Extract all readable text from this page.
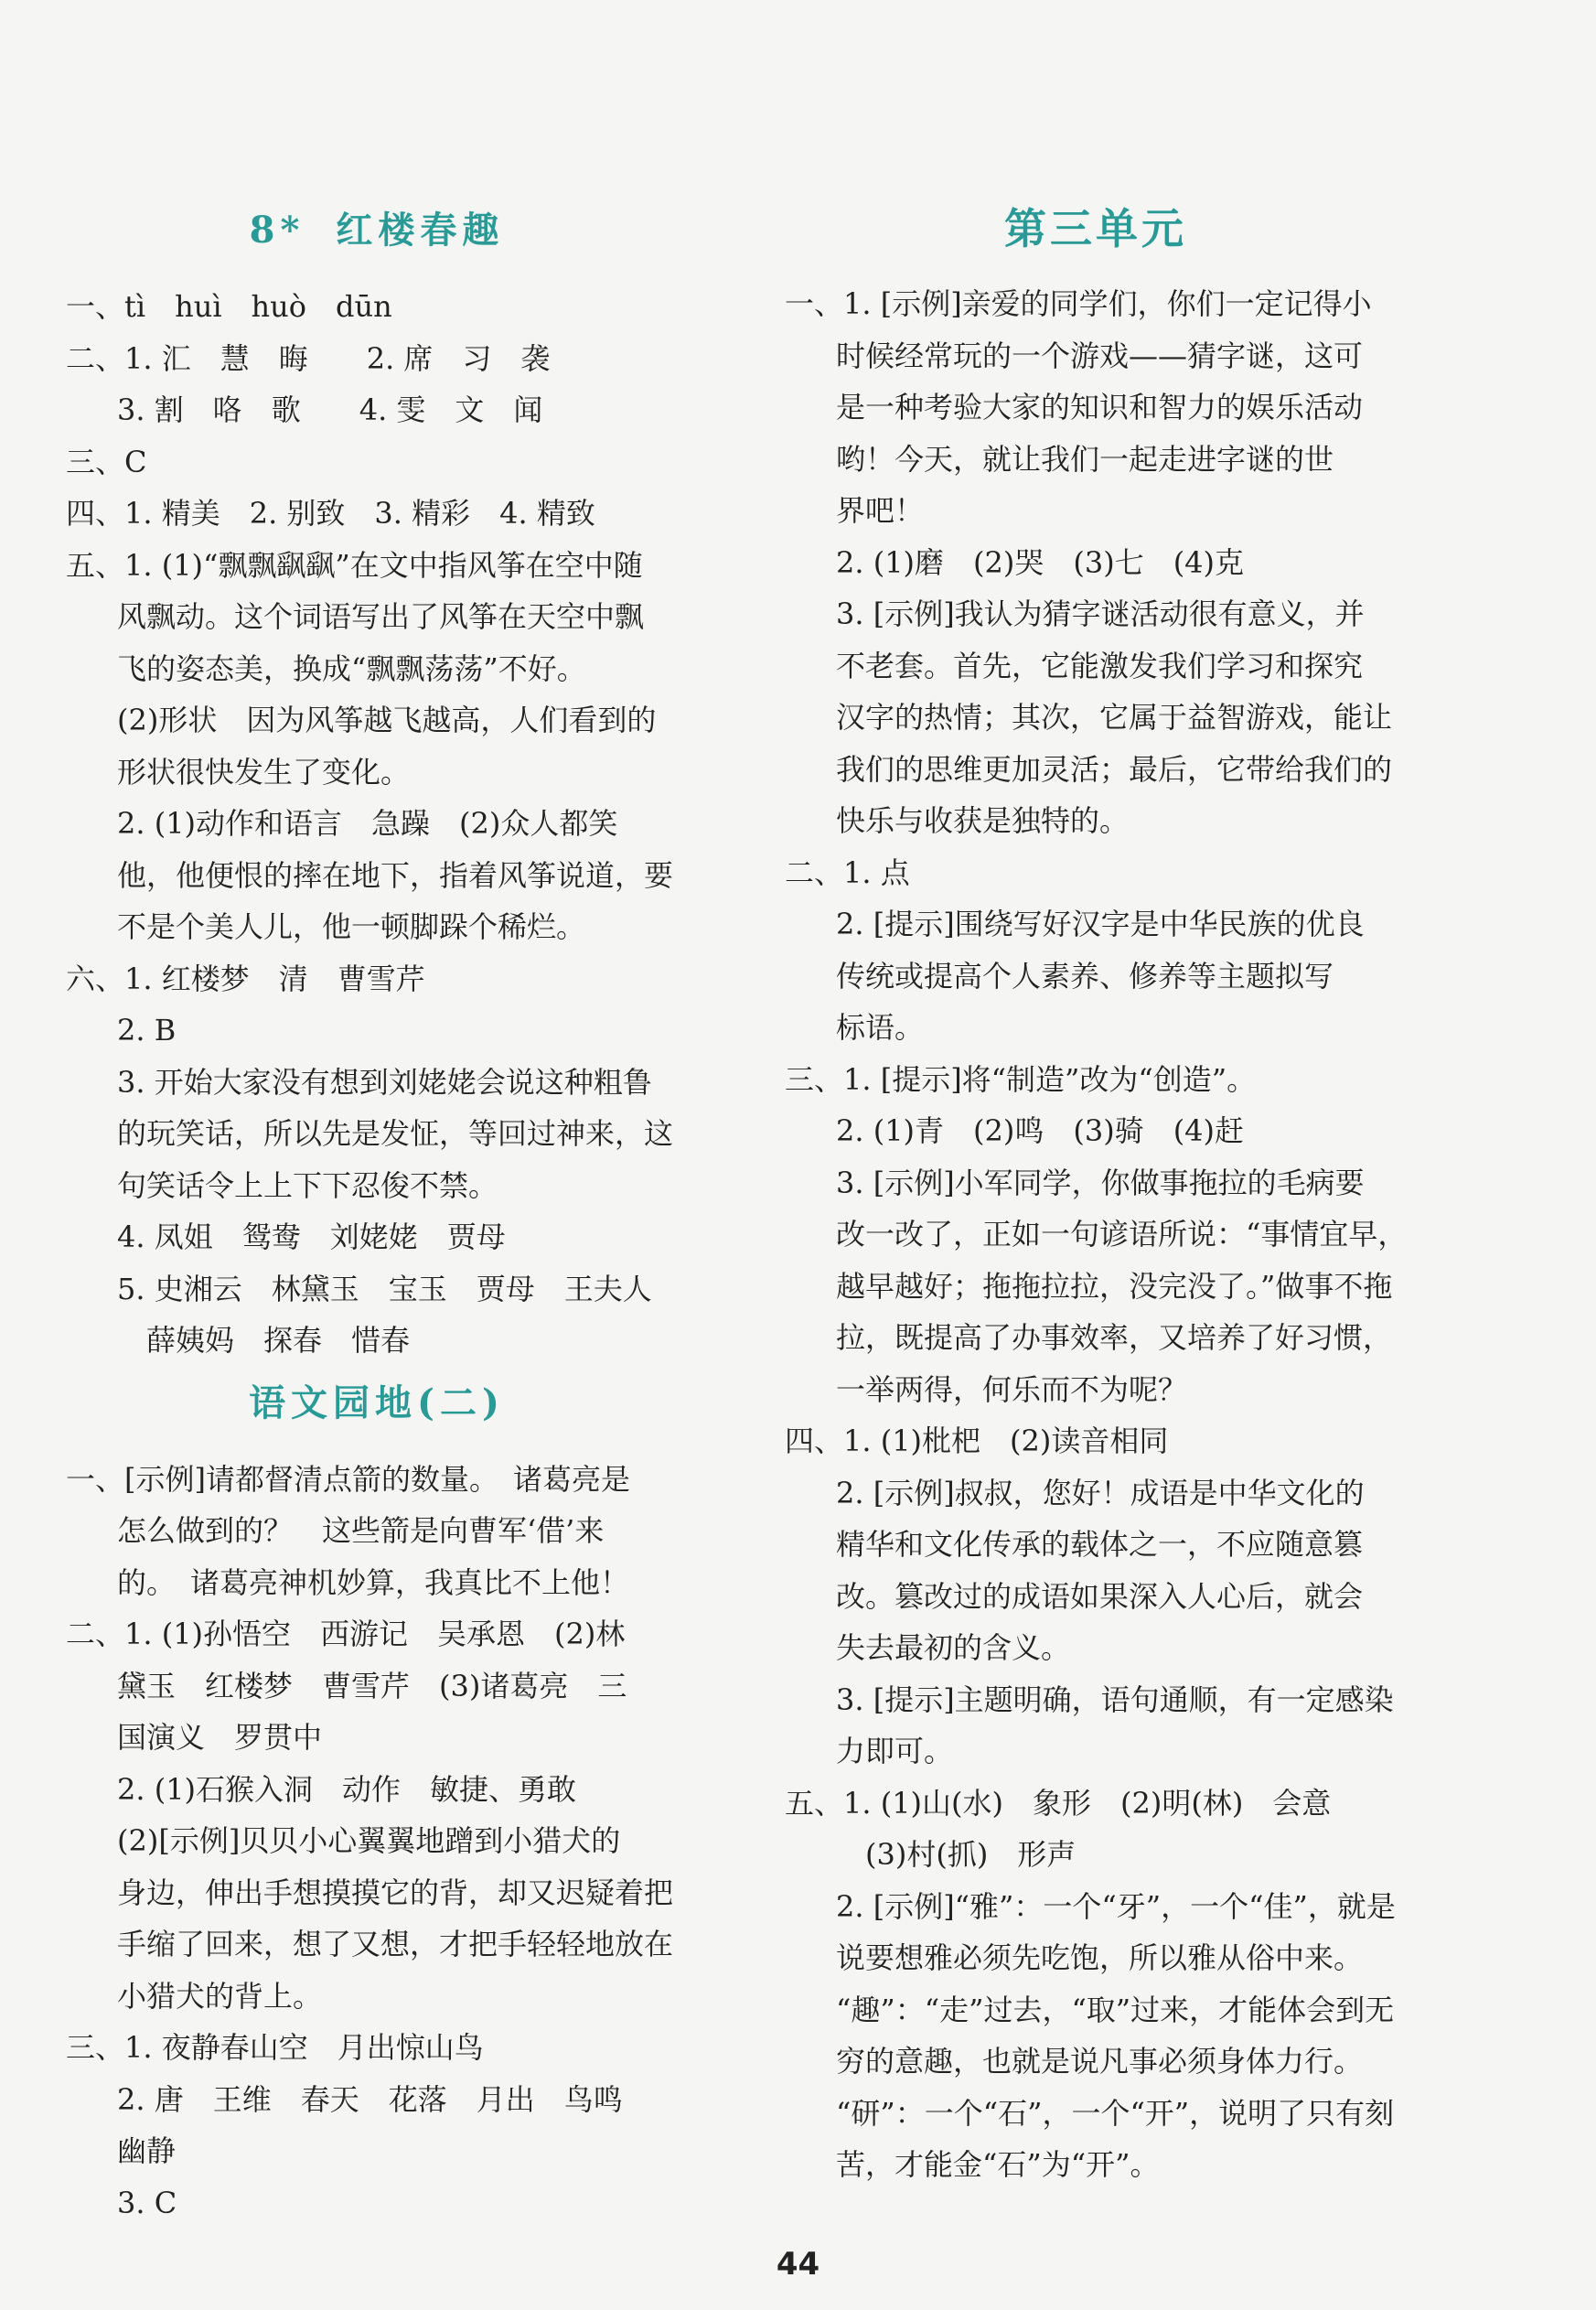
8* 红楼春趣
一、tì　huì　huò　dūn
二、1. 汇　慧　晦　　2. 席　习　袭
3. 割　咯　歌　　4. 雯　文　闻
三、C
四、1. 精美　2. 别致　3. 精彩　4. 精致
五、1. (1)“飘飘飖飖”在文中指风筝在空中随
风飘动。这个词语写出了风筝在天空中飘
飞的姿态美，换成“飘飘荡荡”不好。
(2)形状　因为风筝越飞越高，人们看到的
形状很快发生了变化。
2. (1)动作和语言　急躁　(2)众人都笑
他，他便恨的摔在地下，指着风筝说道，要
不是个美人儿，他一顿脚跺个稀烂。
六、1. 红楼梦　清　曹雪芹
2. B
3. 开始大家没有想到刘姥姥会说这种粗鲁
的玩笑话，所以先是发怔，等回过神来，这
句笑话令上上下下忍俊不禁。
4. 凤姐　鸳鸯　刘姥姥　贾母
5. 史湘云　林黛玉　宝玉　贾母　王夫人
薛姨妈　探春　惜春
语文园地(二)
一、[示例]请都督清点箭的数量。　诸葛亮是
怎么做到的？　这些箭是向曹军‘借’来
的。　诸葛亮神机妙算，我真比不上他！
二、1. (1)孙悟空　西游记　吴承恩　(2)林
黛玉　红楼梦　曹雪芹　(3)诸葛亮　三
国演义　罗贯中
2. (1)石猴入洞　动作　敏捷、勇敢
(2)[示例]贝贝小心翼翼地蹭到小猎犬的
身边，伸出手想摸摸它的背，却又迟疑着把
手缩了回来，想了又想，才把手轻轻地放在
小猎犬的背上。
三、1. 夜静春山空　月出惊山鸟
2. 唐　王维　春天　花落　月出　鸟鸣
幽静
3. C
第三单元
一、1. [示例]亲爱的同学们，你们一定记得小
时候经常玩的一个游戏——猜字谜，这可
是一种考验大家的知识和智力的娱乐活动
哟！今天，就让我们一起走进字谜的世
界吧！
2. (1)磨　(2)哭　(3)七　(4)克
3. [示例]我认为猜字谜活动很有意义，并
不老套。首先，它能激发我们学习和探究
汉字的热情；其次，它属于益智游戏，能让
我们的思维更加灵活；最后，它带给我们的
快乐与收获是独特的。
二、1. 点
2. [提示]围绕写好汉字是中华民族的优良
传统或提高个人素养、修养等主题拟写
标语。
三、1. [提示]将“制造”改为“创造”。
2. (1)青　(2)鸣　(3)骑　(4)赶
3. [示例]小军同学，你做事拖拉的毛病要
改一改了，正如一句谚语所说：“事情宜早，
越早越好；拖拖拉拉，没完没了。”做事不拖
拉，既提高了办事效率，又培养了好习惯，
一举两得，何乐而不为呢？
四、1. (1)枇杷　(2)读音相同
2. [示例]叔叔，您好！成语是中华文化的
精华和文化传承的载体之一，不应随意篡
改。篡改过的成语如果深入人心后，就会
失去最初的含义。
3. [提示]主题明确，语句通顺，有一定感染
力即可。
五、1. (1)山(水)　象形　(2)明(林)　会意
(3)村(抓)　形声
2. [示例]“雅”：一个“牙”，一个“佳”，就是
说要想雅必须先吃饱，所以雅从俗中来。
“趣”：“走”过去，“取”过来，才能体会到无
穷的意趣，也就是说凡事必须身体力行。
“研”：一个“石”，一个“开”，说明了只有刻
苦，才能金“石”为“开”。
44
